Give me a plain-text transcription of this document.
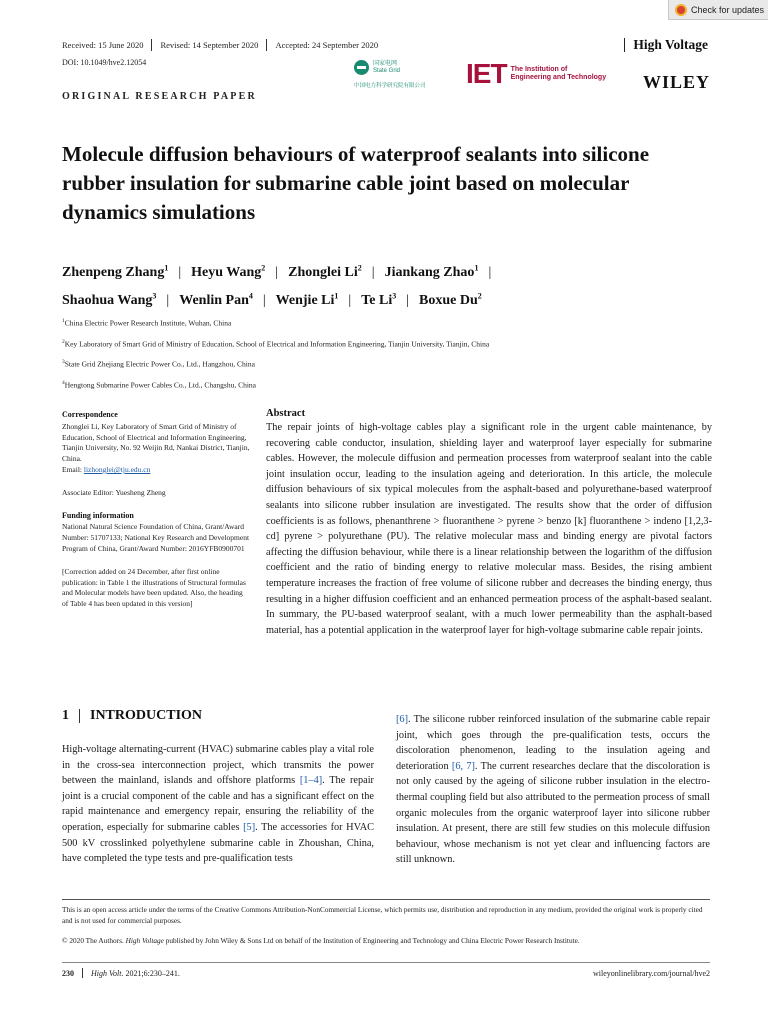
Check for updates
Received: 15 June 2020 Revised: 14 September 2020 Accepted: 24 September 2020	High Voltage
DOI: 10.1049/hve2.12054	国家电网
State Grid
中国电力科学研究院有限公司 IET The Institution of
Engineering and Technology WILEY
ORIGINAL RESEARCH PAPER
Molecule diffusion behaviours of waterproof sealants into silicone rubber insulation for submarine cable joint based on molecular dynamics simulations
Zhenpeng Zhang$^1$ | Heyu Wang$^2$ | Zhonglei Li$^2$ | Jiankang Zhao$^1$ |
Shaohua Wang$^3$ | Wenlin Pan$^4$ | Wenjie Li$^1$ | Te Li$^3$ | Boxue Du$^2$
$^1$China Electric Power Research Institute, Wuhan, China
$^2$Key Laboratory of Smart Grid of Ministry of Education, School of Electrical and Information Engineering, Tianjin University, Tianjin, China
$^3$State Grid Zhejiang Electric Power Co., Ltd., Hangzhou, China
$^4$Hengtong Submarine Power Cables Co., Ltd., Changshu, China
Correspondence
Zhonglei Li, Key Laboratory of Smart Grid of Ministry of Education, School of Electrical and Information Engineering, Tianjin University, No. 92 Weijin Rd, Nankai District, Tianjin, China.
Email: lizhonglei@tju.edu.cn
Associate Editor: Yuesheng Zheng
Funding information
National Natural Science Foundation of China, Grant/Award Number: 51707133; National Key Research and Development Program of China, Grant/Award Number: 2016YFB0900701
[Correction added on 24 December, after first online publication: in Table 1 the illustrations of Structural formulas and Molecular models have been updated. Also, the heading of Table 4 has been updated in this version]
Abstract

The repair joints of high-voltage cables play a significant role in the urgent cable maintenance, by recovering cable conductor, insulation, shielding layer and waterproof layer especially for submarine cables. However, the molecule diffusion and permeation processes from waterproof sealant into the cable joint insulation occur, leading to the insulation ageing and deterioration. In this article, the molecule diffusion behaviours of six typical molecules from the asphalt-based and polyurethane-based waterproof sealants into silicone rubber insulation are investigated. The results show that the order of diffusion coefficients is as follows, phenanthrene > fluoranthene > pyrene > benzo [k] fluoranthene > indeno [1,2,3-cd] pyrene > polyurethane (PU). The relative molecular mass and binding energy are pivotal factors affecting the diffusion behaviour, while there is a linear relationship between the logarithm of the diffusion coefficient and the ratio of binding energy to relative molecular mass. Besides, the rising ambient temperature increases the fraction of free volume of silicone rubber and decreases the binding energy, thus resulting in a higher diffusion coefficient and an enhanced permeation process of the asphalt-based sealant. In summary, the PU-based waterproof sealant, with a much lower permeability than the asphalt-based material, has a potential application in the waterproof layer for high-voltage submarine cable repair joints.

1 INTRODUCTION

High-voltage alternating-current (HVAC) submarine cables play a vital role in the cross-sea interconnection project, which transmits the power between the mainland, islands and offshore platforms [1–4]. The repair joint is a crucial component of the cable and has a significant effect on the rapid maintenance and emergency repair, ensuring the reliability of the operation, especially for submarine cables [5]. The accessories for HVAC 500 kV crosslinked polyethylene submarine cable in Zhoushan, China, have completed the type tests and pre-qualification tests

[6]. The silicone rubber reinforced insulation of the submarine cable repair joint, which goes through the pre-qualification tests, occurs the discoloration phenomenon, leading to the insulation ageing and deterioration [6, 7]. The current researches declare that the discoloration is not only caused by the ageing of silicone rubber insulation in the electro-thermal coupling field but also attributed to the permeation process of small organic molecules from the organic waterproof layer into silicone rubber insulation. At present, there are still few studies on this molecule diffusion behaviour, whose mechanism is not yet clear and influencing factors are still unknown.

This is an open access article under the terms of the Creative Commons Attribution-NonCommercial License, which permits use, distribution and reproduction in any medium, provided the original work is properly cited and is not used for commercial purposes.
© 2020 The Authors. High Voltage published by John Wiley & Sons Ltd on behalf of the Institution of Engineering and Technology and China Electric Power Research Institute.
230 High Volt. 2021;6:230–241.	wileyonlinelibrary.com/journal/hve2
